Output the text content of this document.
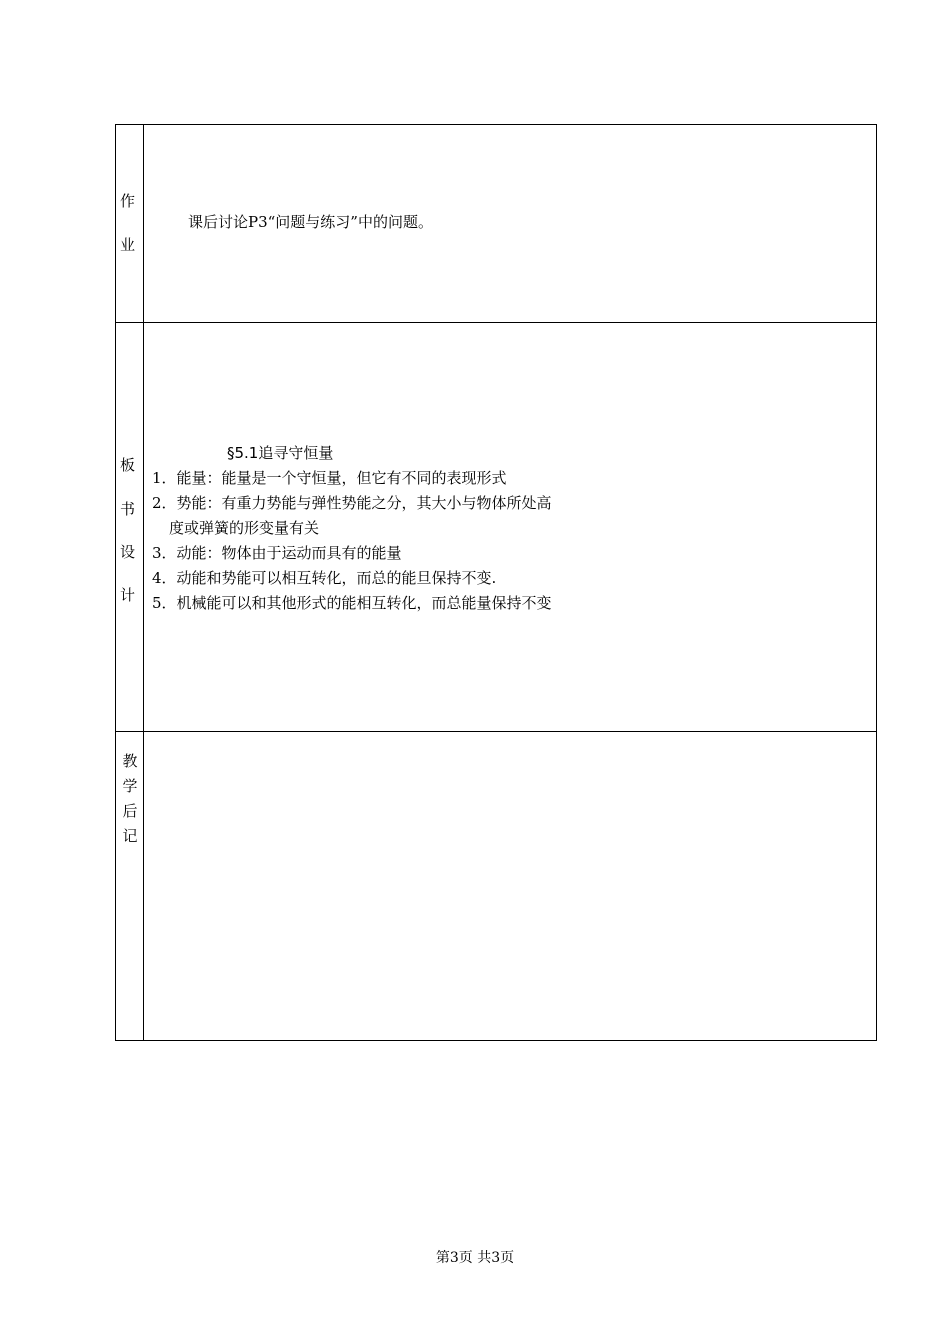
作
业
课后讨论P3“问题与练习”中的问题。
板
书
设
计
§5.1追寻守恒量
1．能量：能量是一个守恒量，但它有不同的表现形式
2．势能：有重力势能与弹性势能之分，其大小与物体所处高
度或弹簧的形变量有关
3．动能：物体由于运动而具有的能量
4．动能和势能可以相互转化，而总的能旦保持不变.
5．机械能可以和其他形式的能相互转化，而总能量保持不变
教
学
后
记
第3页 共3页
